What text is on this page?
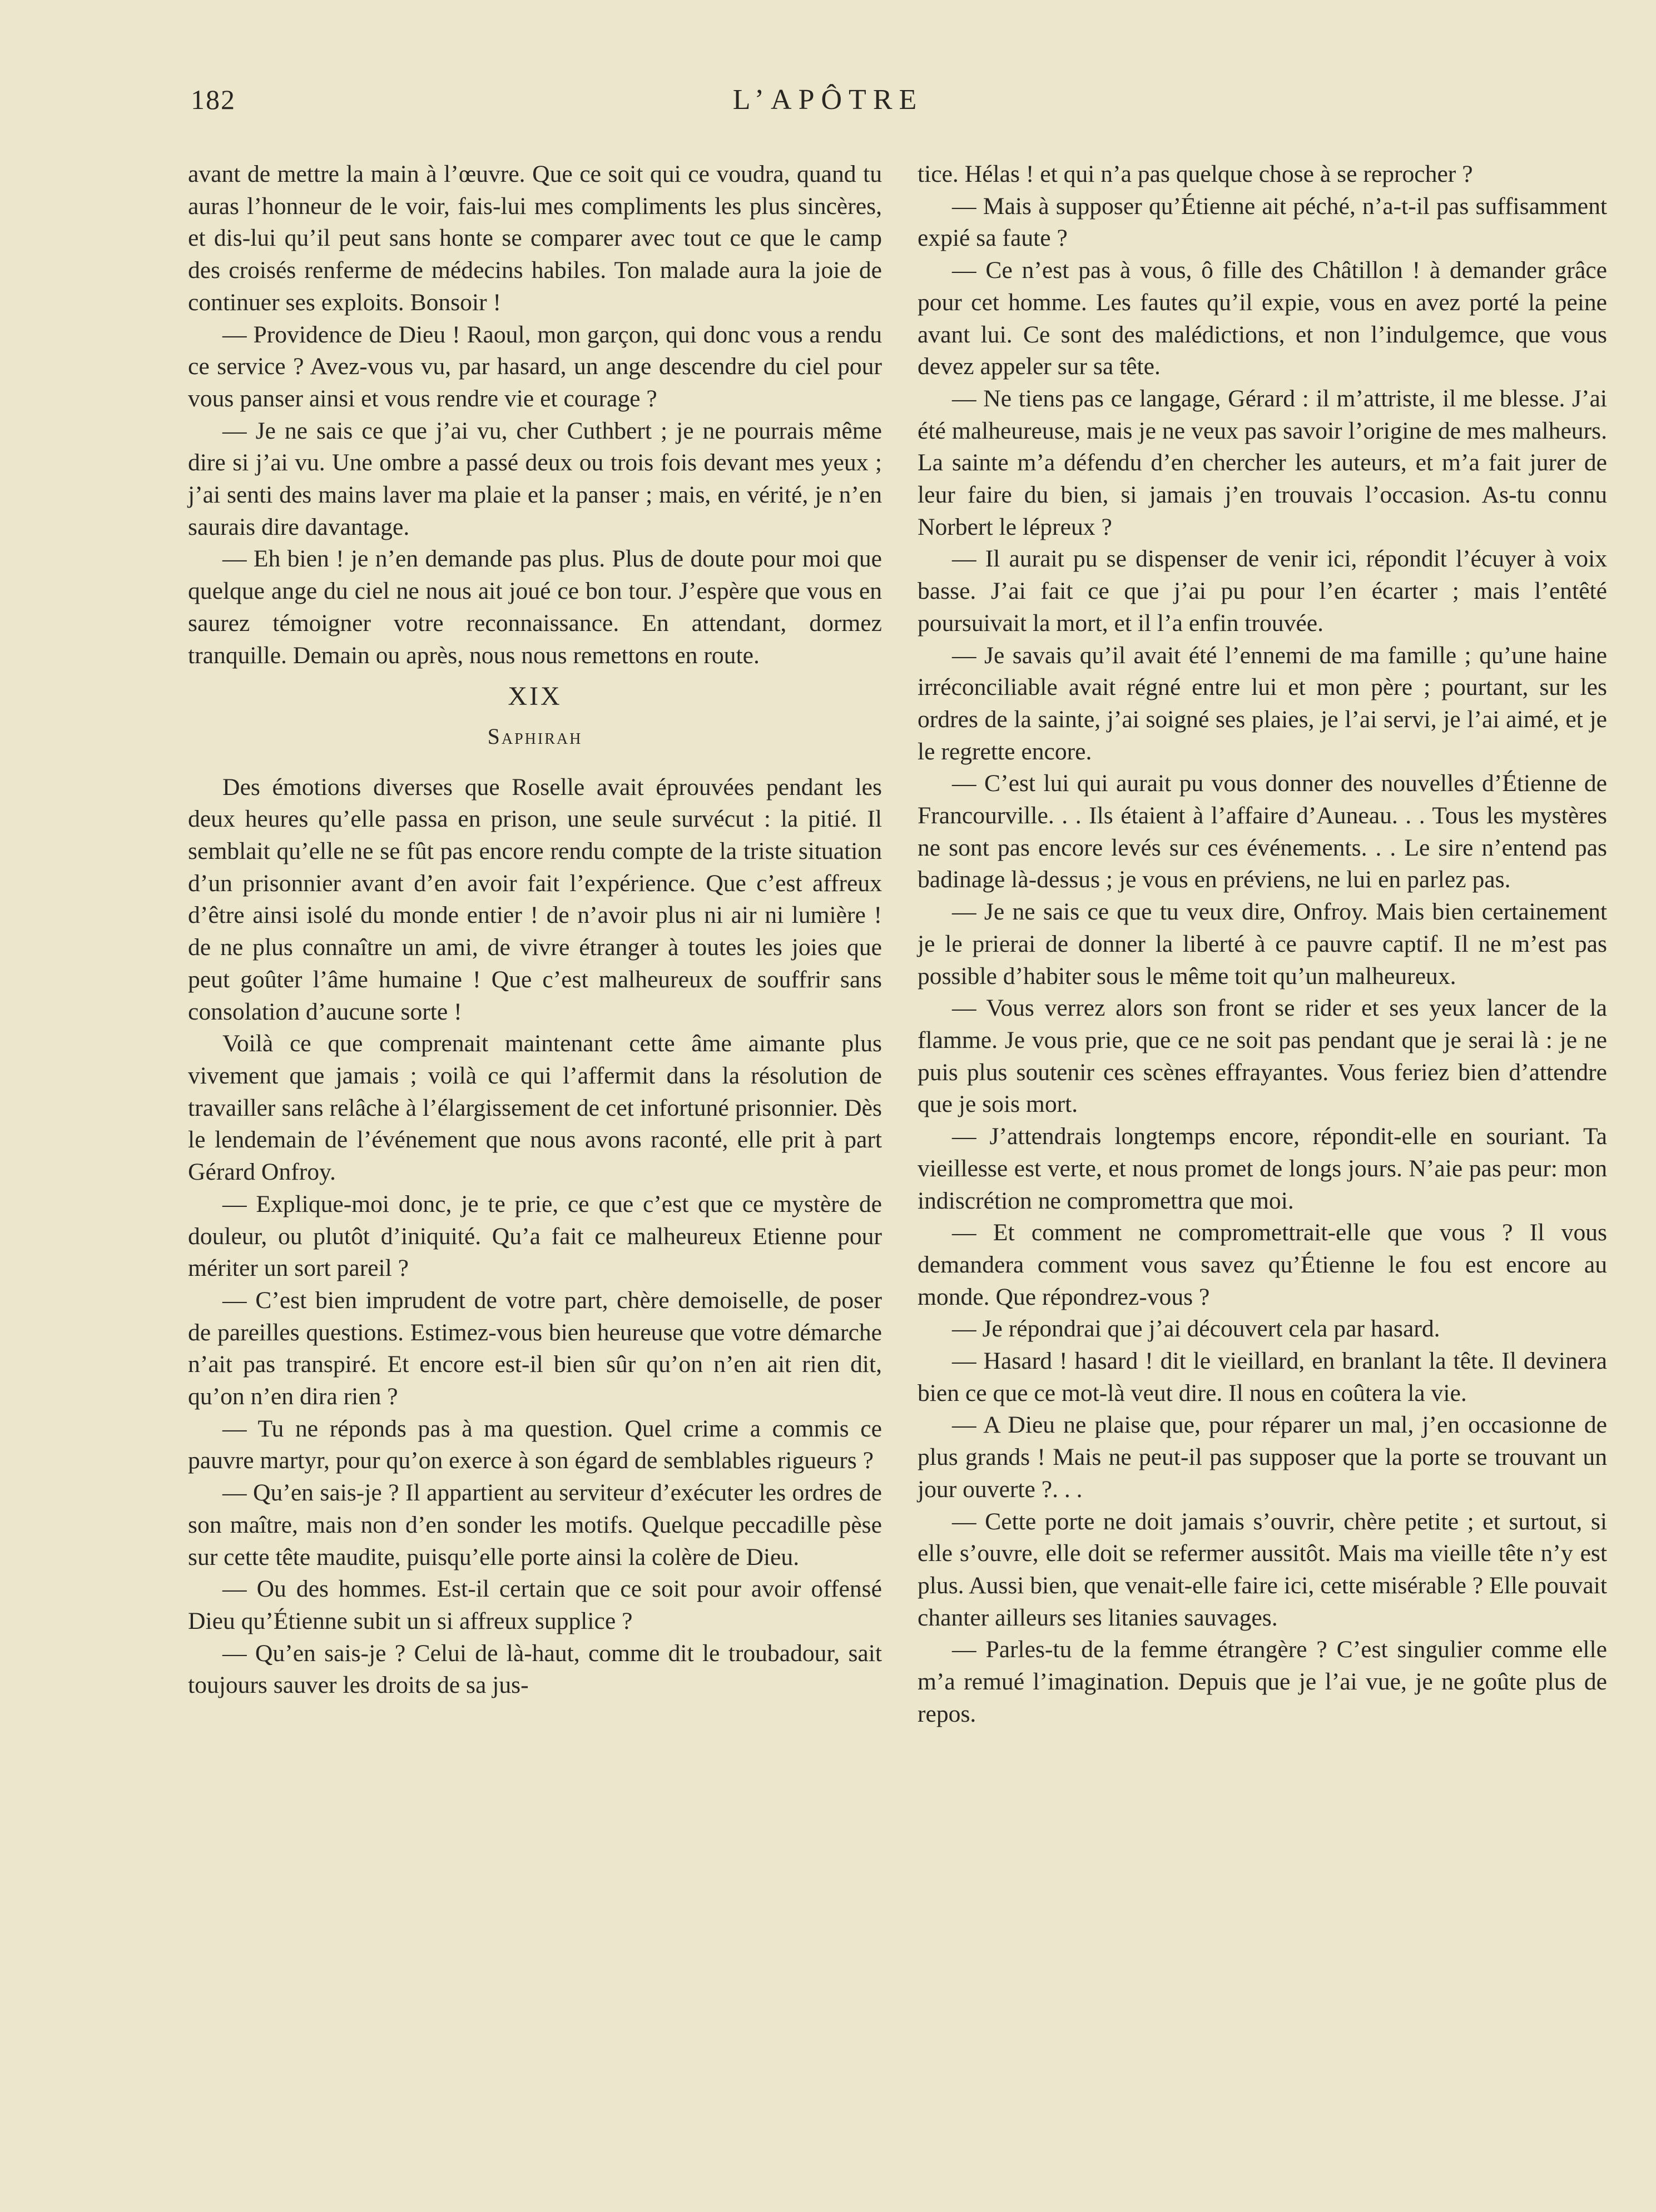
182	L’APÔTRE

avant de mettre la main à l’œuvre. Que ce soit qui ce voudra, quand tu auras l’honneur de le voir, fais-lui mes compliments les plus sincères, et dis-lui qu’il peut sans honte se comparer avec tout ce que le camp des croisés renferme de médecins habiles. Ton malade aura la joie de continuer ses exploits. Bonsoir !

— Providence de Dieu ! Raoul, mon garçon, qui donc vous a rendu ce service ? Avez-vous vu, par hasard, un ange descendre du ciel pour vous panser ainsi et vous rendre vie et courage ?

— Je ne sais ce que j’ai vu, cher Cuthbert ; je ne pourrais même dire si j’ai vu. Une ombre a passé deux ou trois fois devant mes yeux ; j’ai senti des mains laver ma plaie et la panser ; mais, en vérité, je n’en saurais dire davantage.

— Eh bien ! je n’en demande pas plus. Plus de doute pour moi que quelque ange du ciel ne nous ait joué ce bon tour. J’espère que vous en saurez témoigner votre reconnaissance. En attendant, dormez tranquille. Demain ou après, nous nous remettons en route.

XIX
Saphirah

Des émotions diverses que Roselle avait éprouvées pendant les deux heures qu’elle passa en prison, une seule survécut : la pitié. Il semblait qu’elle ne se fût pas encore rendu compte de la triste situation d’un prisonnier avant d’en avoir fait l’expérience. Que c’est affreux d’être ainsi isolé du monde entier ! de n’avoir plus ni air ni lumière ! de ne plus connaître un ami, de vivre étranger à toutes les joies que peut goûter l’âme humaine ! Que c’est malheureux de souffrir sans consolation d’aucune sorte !

Voilà ce que comprenait maintenant cette âme aimante plus vivement que jamais ; voilà ce qui l’affermit dans la résolution de travailler sans relâche à l’élargissement de cet infortuné prisonnier. Dès le lendemain de l’événement que nous avons raconté, elle prit à part Gérard Onfroy.

— Explique-moi donc, je te prie, ce que c’est que ce mystère de douleur, ou plutôt d’iniquité. Qu’a fait ce malheureux Etienne pour mériter un sort pareil ?

— C’est bien imprudent de votre part, chère demoiselle, de poser de pareilles questions. Estimez-vous bien heureuse que votre démarche n’ait pas transpiré. Et encore est-il bien sûr qu’on n’en ait rien dit, qu’on n’en dira rien ?

— Tu ne réponds pas à ma question. Quel crime a commis ce pauvre martyr, pour qu’on exerce à son égard de semblables rigueurs ?

— Qu’en sais-je ? Il appartient au serviteur d’exécuter les ordres de son maître, mais non d’en sonder les motifs. Quelque peccadille pèse sur cette tête maudite, puisqu’elle porte ainsi la colère de Dieu.

— Ou des hommes. Est-il certain que ce soit pour avoir offensé Dieu qu’Étienne subit un si affreux supplice ?

— Qu’en sais-je ? Celui de là-haut, comme dit le troubadour, sait toujours sauver les droits de sa jus-

tice. Hélas ! et qui n’a pas quelque chose à se reprocher ?

— Mais à supposer qu’Étienne ait péché, n’a-t-il pas suffisamment expié sa faute ?

— Ce n’est pas à vous, ô fille des Châtillon ! à demander grâce pour cet homme. Les fautes qu’il expie, vous en avez porté la peine avant lui. Ce sont des malédictions, et non l’indulgemce, que vous devez appeler sur sa tête.

— Ne tiens pas ce langage, Gérard : il m’attriste, il me blesse. J’ai été malheureuse, mais je ne veux pas savoir l’origine de mes malheurs. La sainte m’a défendu d’en chercher les auteurs, et m’a fait jurer de leur faire du bien, si jamais j’en trouvais l’occasion. As-tu connu Norbert le lépreux ?

— Il aurait pu se dispenser de venir ici, répondit l’écuyer à voix basse. J’ai fait ce que j’ai pu pour l’en écarter ; mais l’entêté poursuivait la mort, et il l’a enfin trouvée.

— Je savais qu’il avait été l’ennemi de ma famille ; qu’une haine irréconciliable avait régné entre lui et mon père ; pourtant, sur les ordres de la sainte, j’ai soigné ses plaies, je l’ai servi, je l’ai aimé, et je le regrette encore.

— C’est lui qui aurait pu vous donner des nouvelles d’Étienne de Francourville. . . Ils étaient à l’affaire d’Auneau. . . Tous les mystères ne sont pas encore levés sur ces événements. . . Le sire n’entend pas badinage là-dessus ; je vous en préviens, ne lui en parlez pas.

— Je ne sais ce que tu veux dire, Onfroy. Mais bien certainement je le prierai de donner la liberté à ce pauvre captif. Il ne m’est pas possible d’habiter sous le même toit qu’un malheureux.

— Vous verrez alors son front se rider et ses yeux lancer de la flamme. Je vous prie, que ce ne soit pas pendant que je serai là : je ne puis plus soutenir ces scènes effrayantes. Vous feriez bien d’attendre que je sois mort.

— J’attendrais longtemps encore, répondit-elle en souriant. Ta vieillesse est verte, et nous promet de longs jours. N’aie pas peur: mon indiscrétion ne compromettra que moi.

— Et comment ne compromettrait-elle que vous ? Il vous demandera comment vous savez qu’Étienne le fou est encore au monde. Que répondrez-vous ?

— Je répondrai que j’ai découvert cela par hasard.

— Hasard ! hasard ! dit le vieillard, en branlant la tête. Il devinera bien ce que ce mot-là veut dire. Il nous en coûtera la vie.

— A Dieu ne plaise que, pour réparer un mal, j’en occasionne de plus grands ! Mais ne peut-il pas supposer que la porte se trouvant un jour ouverte ?. . .

— Cette porte ne doit jamais s’ouvrir, chère petite ; et surtout, si elle s’ouvre, elle doit se refermer aussitôt. Mais ma vieille tête n’y est plus. Aussi bien, que venait-elle faire ici, cette misérable ? Elle pouvait chanter ailleurs ses litanies sauvages.

— Parles-tu de la femme étrangère ? C’est singulier comme elle m’a remué l’imagination. Depuis que je l’ai vue, je ne goûte plus de repos.
